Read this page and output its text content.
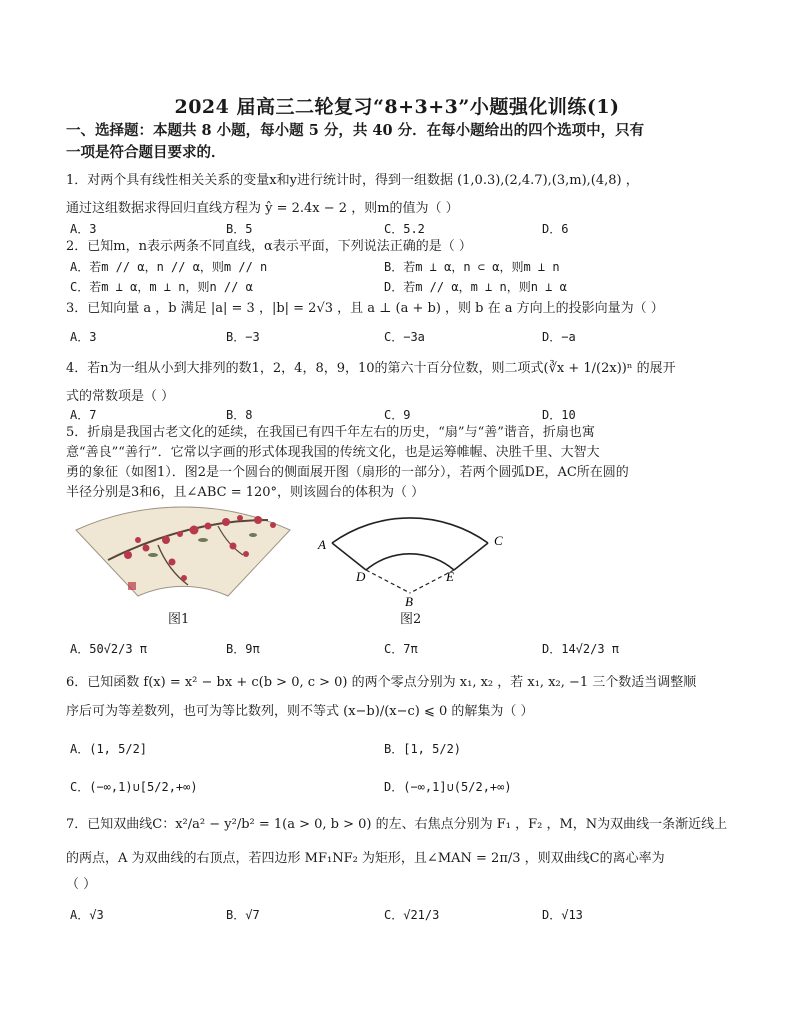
2024 届高三二轮复习“8+3+3”小题强化训练(1)
一、选择题：本题共 8 小题，每小题 5 分，共 40 分．在每小题给出的四个选项中，只有
一项是符合题目要求的．
1．对两个具有线性相关关系的变量x和y进行统计时，得到一组数据 (1,0.3),(2,4.7),(3,m),(4,8) ，
通过这组数据求得回归直线方程为 ŷ = 2.4x − 2 ，则m的值为（ ）
A．3	B．5	C．5.2	D．6
2．已知m，n表示两条不同直线，α表示平面，下列说法正确的是（ ）
A．若m // α，n // α，则m // n	B．若m ⊥ α，n ⊂ α，则m ⊥ n
C．若m ⊥ α，m ⊥ n，则n // α	D．若m // α，m ⊥ n，则n ⊥ α
3．已知向量 a ，b 满足 |a| = 3 ，|b| = 2√3 ，且 a ⊥ (a + b) ，则 b 在 a 方向上的投影向量为（ ）
A．3	B．−3	C．−3a	D．−a
4．若n为一组从小到大排列的数1，2，4，8，9，10的第六十百分位数，则二项式(∛x + 1/(2x))ⁿ 的展开
式的常数项是（ ）
A．7	B．8	C．9	D．10
5．折扇是我国古老文化的延续，在我国已有四千年左右的历史，“扇”与“善”谐音，折扇也寓
意“善良”“善行”．它常以字画的形式体现我国的传统文化，也是运筹帷幄、决胜千里、大智大
勇的象征（如图1）．图2是一个圆台的侧面展开图（扇形的一部分），若两个圆弧DE，AC所在圆的
半径分别是3和6，且∠ABC = 120°，则该圆台的体积为（ ）
图1
A	C
D	E
B
图2
A．50√2/3 π	B．9π	C．7π	D．14√2/3 π
6．已知函数 f(x) = x² − bx + c(b > 0, c > 0) 的两个零点分别为 x₁, x₂ ，若 x₁, x₂, −1 三个数适当调整顺
序后可为等差数列，也可为等比数列，则不等式 (x−b)/(x−c) ⩽ 0 的解集为（ ）
A．(1, 5/2]	B．[1, 5/2)
C．(−∞,1)∪[5/2,+∞)	D．(−∞,1]∪(5/2,+∞)
7．已知双曲线C：x²/a² − y²/b² = 1(a > 0, b > 0) 的左、右焦点分别为 F₁ ，F₂ ，M，N为双曲线一条渐近线上
的两点，A 为双曲线的右顶点，若四边形 MF₁NF₂ 为矩形，且∠MAN = 2π/3 ，则双曲线C的离心率为
（ ）
A．√3	B．√7	C．√21/3	D．√13
